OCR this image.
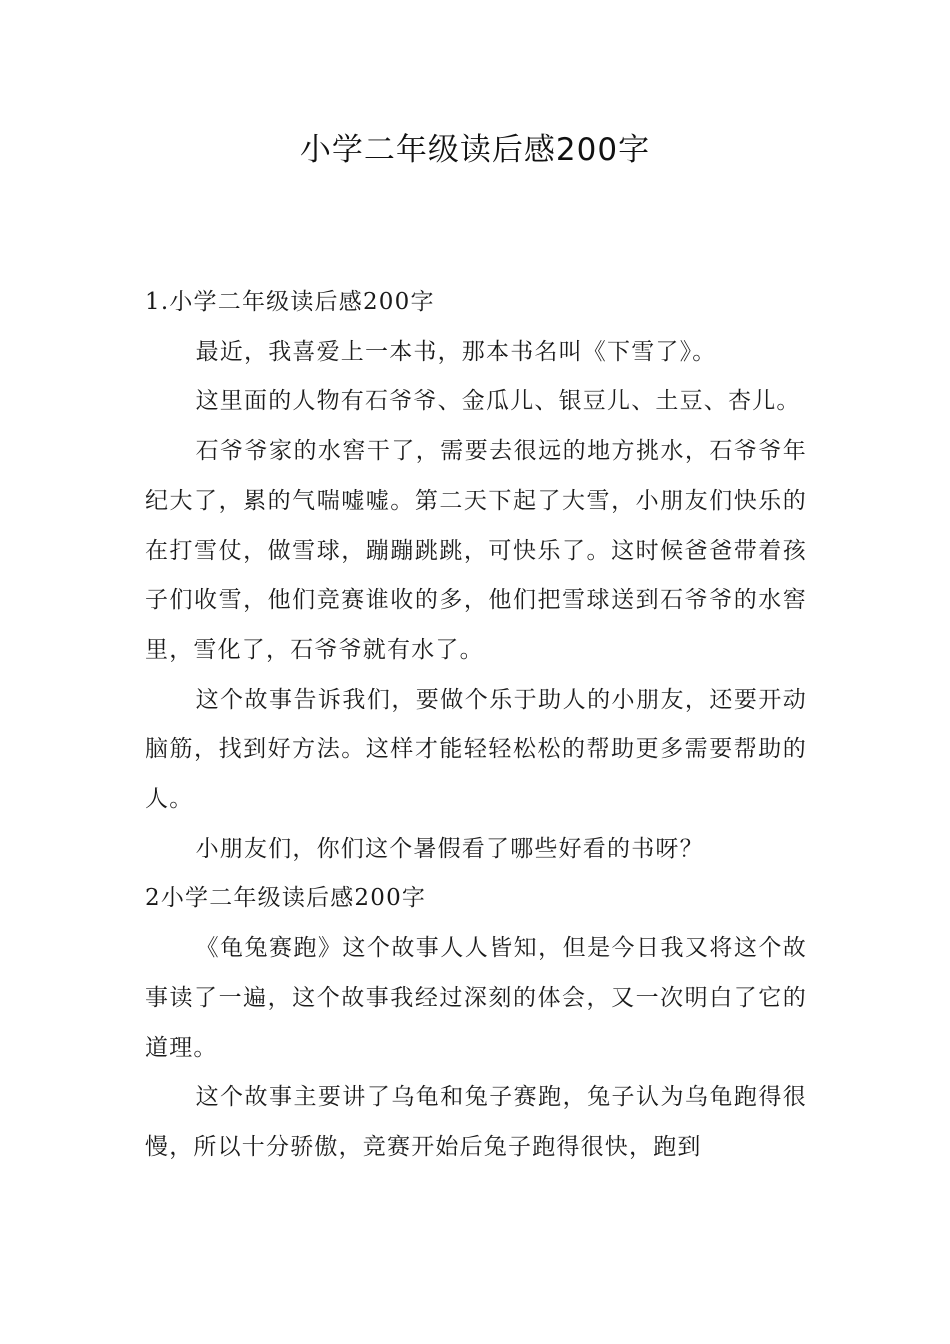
小学二年级读后感200字

1.小学二年级读后感200字

最近，我喜爱上一本书，那本书名叫《下雪了》。

这里面的人物有石爷爷、金瓜儿、银豆儿、土豆、杏儿。

石爷爷家的水窖干了，需要去很远的地方挑水，石爷爷年纪大了，累的气喘嘘嘘。第二天下起了大雪，小朋友们快乐的在打雪仗，做雪球，蹦蹦跳跳，可快乐了。这时候爸爸带着孩子们收雪，他们竞赛谁收的多，他们把雪球送到石爷爷的水窖里，雪化了，石爷爷就有水了。

这个故事告诉我们，要做个乐于助人的小朋友，还要开动脑筋，找到好方法。这样才能轻轻松松的帮助更多需要帮助的人。

小朋友们，你们这个暑假看了哪些好看的书呀？

2小学二年级读后感200字

《龟兔赛跑》这个故事人人皆知，但是今日我又将这个故事读了一遍，这个故事我经过深刻的体会，又一次明白了它的道理。

这个故事主要讲了乌龟和兔子赛跑，兔子认为乌龟跑得很慢，所以十分骄傲，竞赛开始后兔子跑得很快，跑到
